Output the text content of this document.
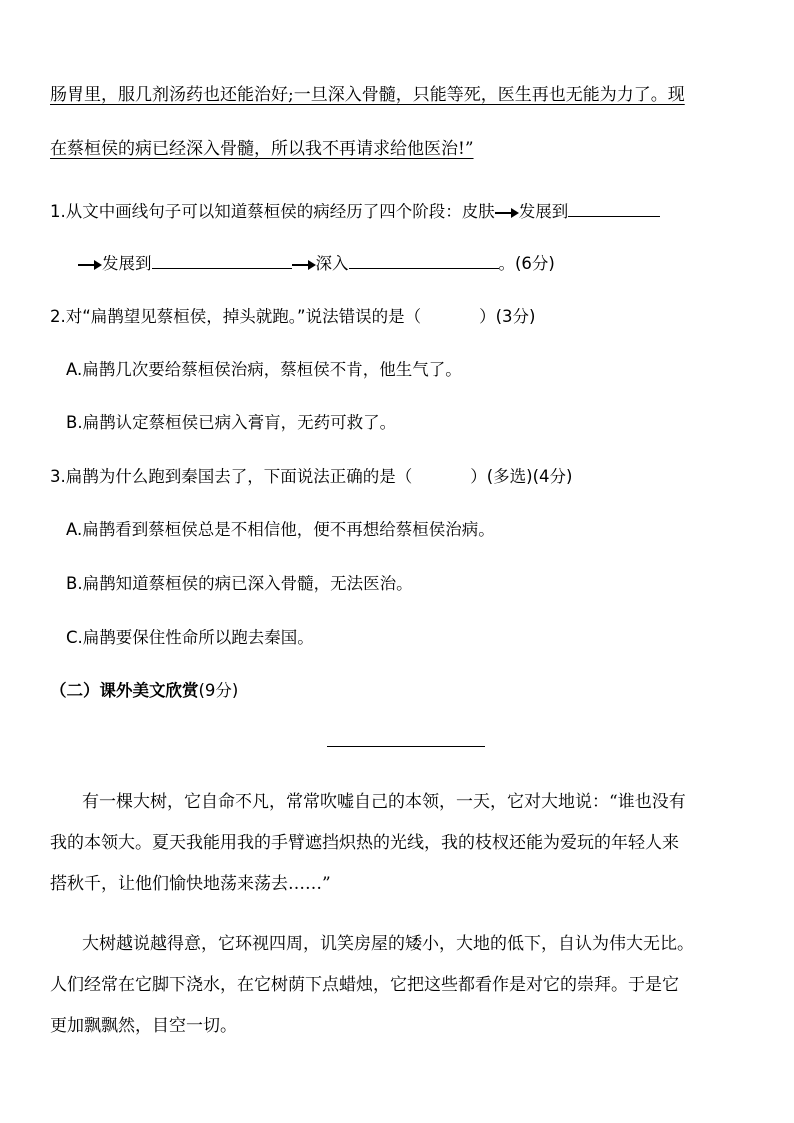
肠胃里，服几剂汤药也还能治好;一旦深入骨髓，只能等死，医生再也无能为力了。现
在蔡桓侯的病已经深入骨髓，所以我不再请求给他医治!”
1.从文中画线句子可以知道蔡桓侯的病经历了四个阶段：皮肤 发展到
发展到	深入	。(6分)
2.对“扁鹊望见蔡桓侯，掉头就跑。”说法错误的是（	）(3分)
A.扁鹊几次要给蔡桓侯治病，蔡桓侯不肯，他生气了。
B.扁鹊认定蔡桓侯已病入膏肓，无药可救了。
3.扁鹊为什么跑到秦国去了，下面说法正确的是（	）(多选)(4分)
A.扁鹊看到蔡桓侯总是不相信他，便不再想给蔡桓侯治病。
B.扁鹊知道蔡桓侯的病已深入骨髓，无法医治。
C.扁鹊要保住性命所以跑去秦国。
（二）课外美文欣赏(9分)
有一棵大树，它自命不凡，常常吹嘘自己的本领，一天，它对大地说：“谁也没有
我的本领大。夏天我能用我的手臂遮挡炽热的光线，我的枝杈还能为爱玩的年轻人来
搭秋千，让他们愉快地荡来荡去……”
大树越说越得意，它环视四周，讥笑房屋的矮小，大地的低下，自认为伟大无比。
人们经常在它脚下浇水，在它树荫下点蜡烛，它把这些都看作是对它的崇拜。于是它
更加飘飘然，目空一切。
